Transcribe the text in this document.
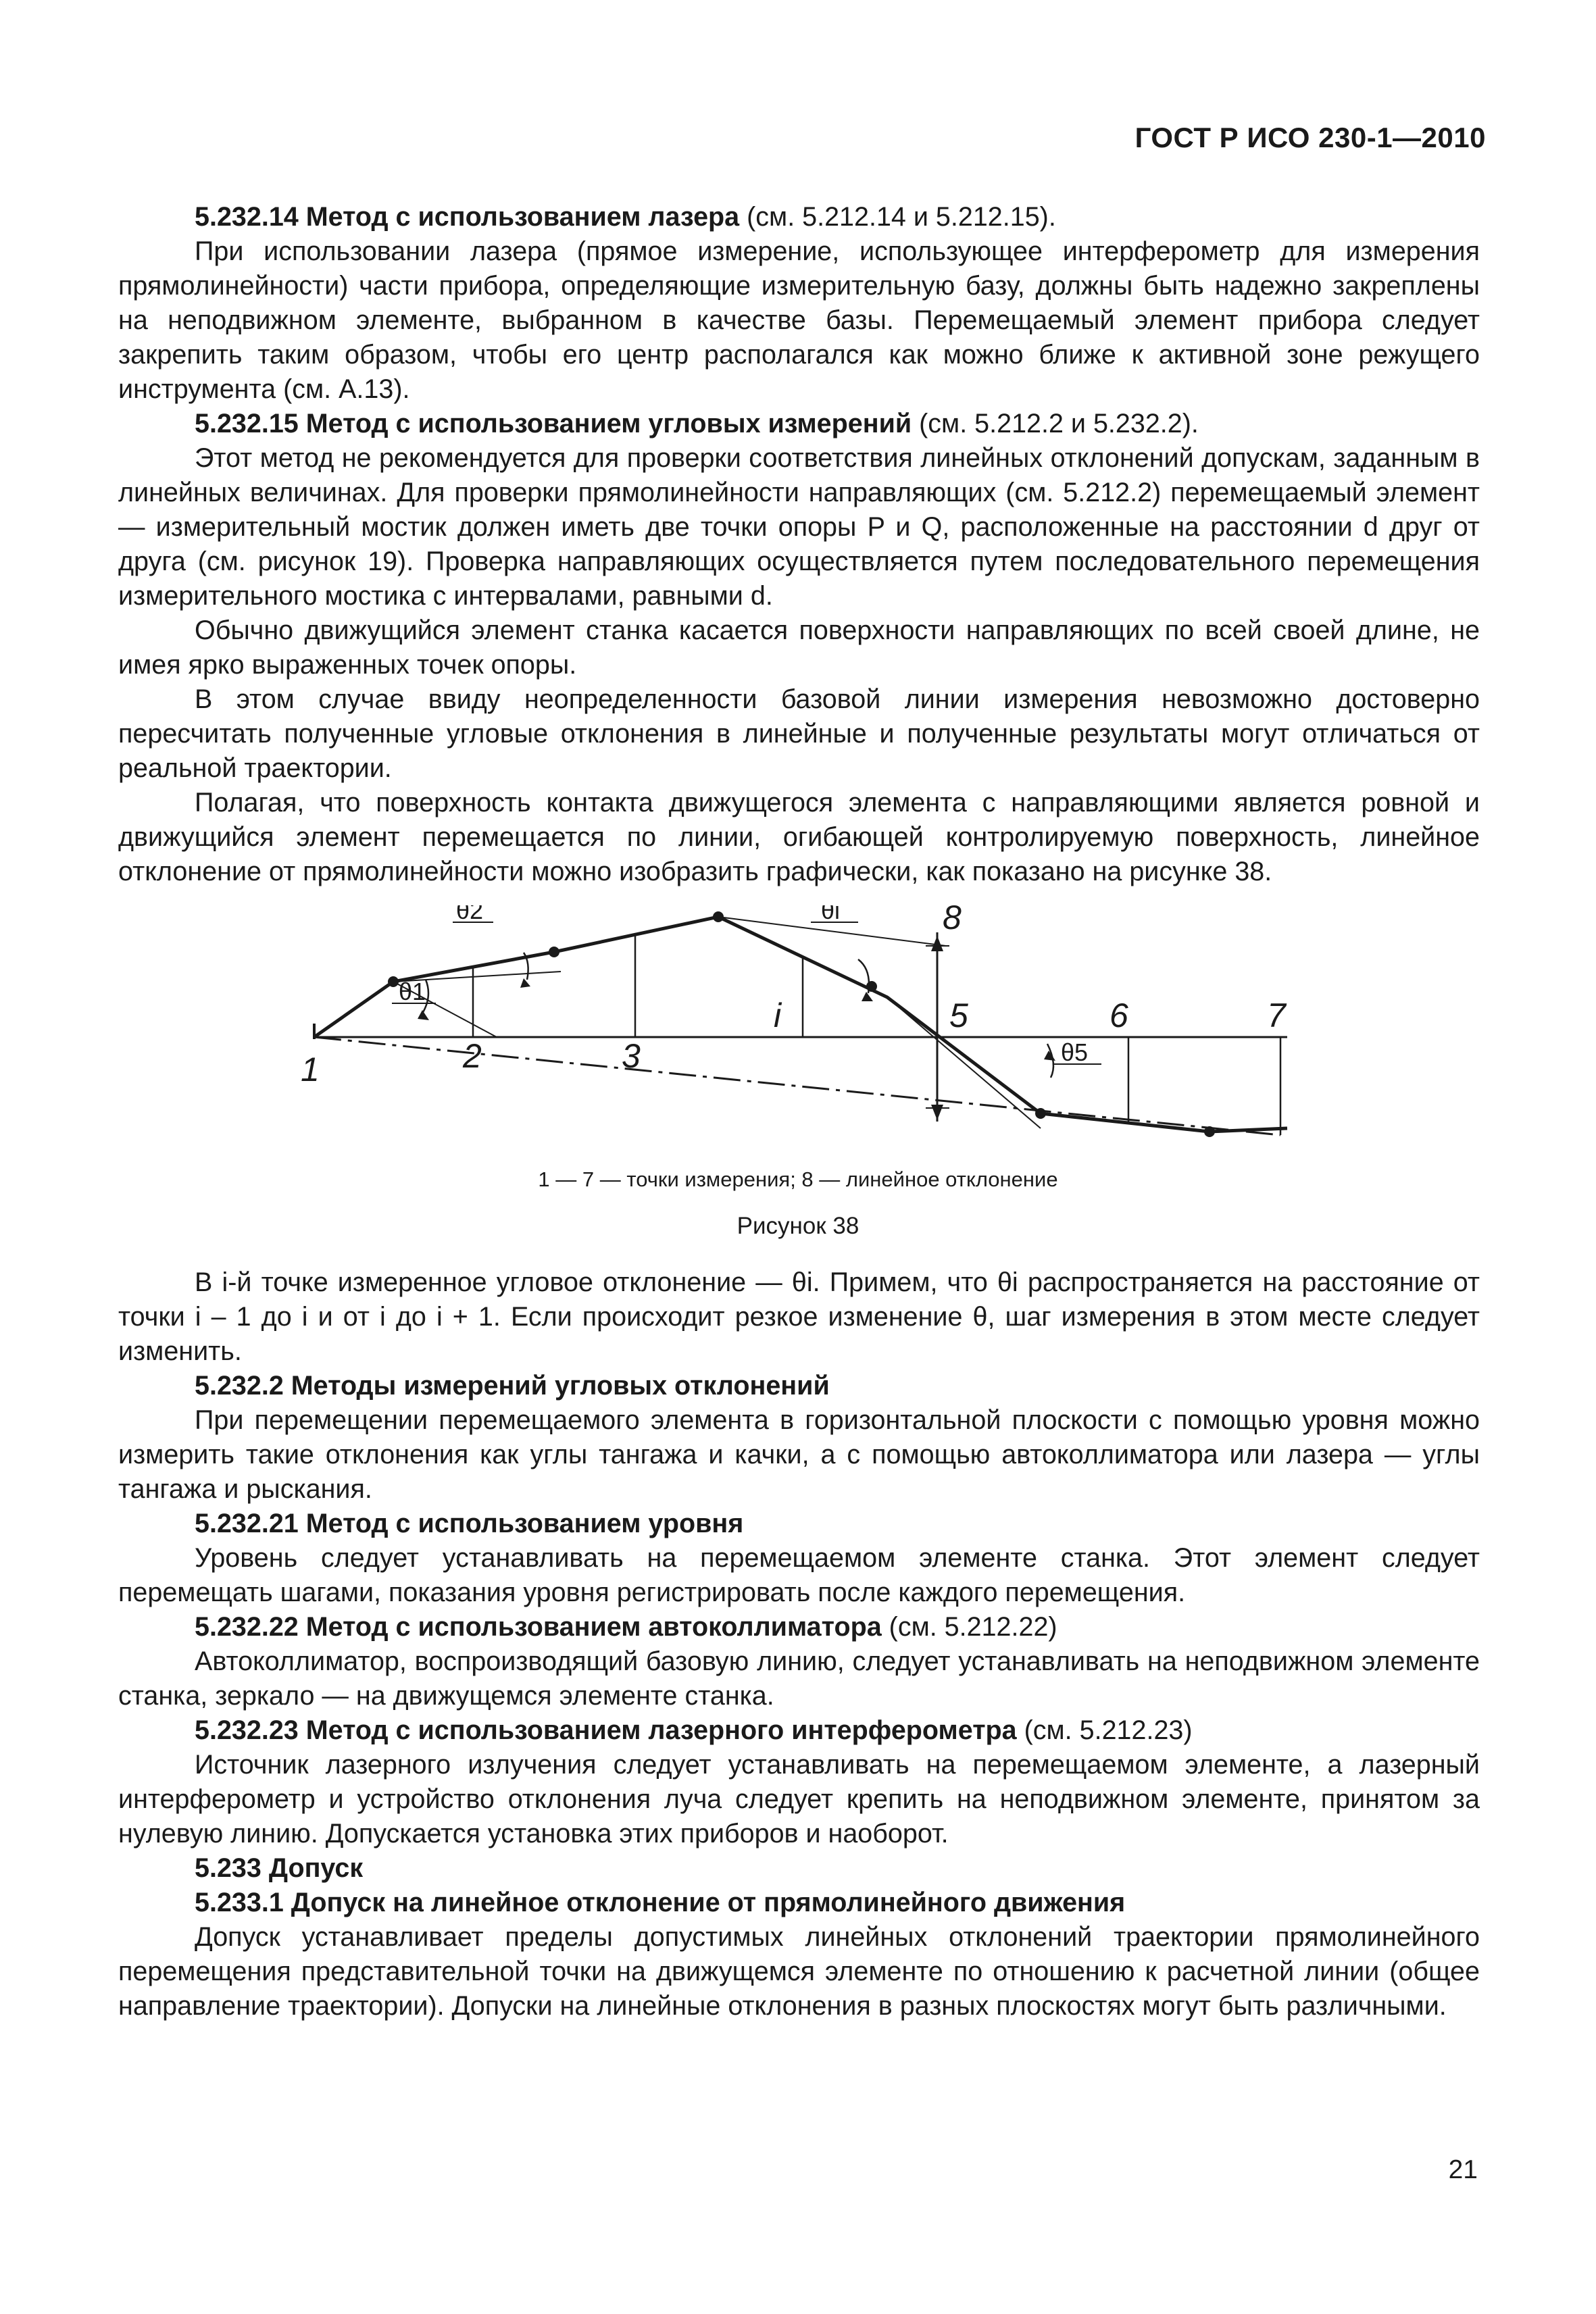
ГОСТ Р ИСО 230-1—2010

5.232.14 Метод с использованием лазера (см. 5.212.14 и 5.212.15).

При использовании лазера (прямое измерение, использующее интерферометр для измерения прямолинейности) части прибора, определяющие измерительную базу, должны быть надежно закреплены на неподвижном элементе, выбранном в качестве базы. Перемещаемый элемент прибора следует закрепить таким образом, чтобы его центр располагался как можно ближе к активной зоне режущего инструмента (см. А.13).

5.232.15 Метод с использованием угловых измерений (см. 5.212.2 и 5.232.2).

Этот метод не рекомендуется для проверки соответствия линейных отклонений допускам, заданным в линейных величинах. Для проверки прямолинейности направляющих (см. 5.212.2) перемещаемый элемент — измерительный мостик должен иметь две точки опоры P и Q, расположенные на расстоянии d друг от друга (см. рисунок 19). Проверка направляющих осуществляется путем последовательного перемещения измерительного мостика с интервалами, равными d.

Обычно движущийся элемент станка касается поверхности направляющих по всей своей длине, не имея ярко выраженных точек опоры.

В этом случае ввиду неопределенности базовой линии измерения невозможно достоверно пересчитать полученные угловые отклонения в линейные и полученные результаты могут отличаться от реальной траектории.

Полагая, что поверхность контакта движущегося элемента с направляющими является ровной и движущийся элемент перемещается по линии, огибающей контролируемую поверхность, линейное отклонение от прямолинейности можно изобразить графически, как показано на рисунке 38.

1	2	3
i	5	6	7
8
θ2	θi
θ1
θ5
1 — 7 — точки измерения; 8 — линейное отклонение
Рисунок 38

В i-й точке измеренное угловое отклонение — θi. Примем, что θi распространяется на расстояние от точки i – 1 до i и от i до i + 1. Если происходит резкое изменение θ, шаг измерения в этом месте следует изменить.

5.232.2 Методы измерений угловых отклонений

При перемещении перемещаемого элемента в горизонтальной плоскости с помощью уровня можно измерить такие отклонения как углы тангажа и качки, а с помощью автоколлиматора или лазера — углы тангажа и рыскания.

5.232.21 Метод с использованием уровня

Уровень следует устанавливать на перемещаемом элементе станка. Этот элемент следует перемещать шагами, показания уровня регистрировать после каждого перемещения.

5.232.22 Метод с использованием автоколлиматора (см. 5.212.22)

Автоколлиматор, воспроизводящий базовую линию, следует устанавливать на неподвижном элементе станка, зеркало — на движущемся элементе станка.

5.232.23 Метод с использованием лазерного интерферометра (см. 5.212.23)

Источник лазерного излучения следует устанавливать на перемещаемом элементе, а лазерный интерферометр и устройство отклонения луча следует крепить на неподвижном элементе, принятом за нулевую линию. Допускается установка этих приборов и наоборот.

5.233 Допуск

5.233.1 Допуск на линейное отклонение от прямолинейного движения

Допуск устанавливает пределы допустимых линейных отклонений траектории прямолинейного перемещения представительной точки на движущемся элементе по отношению к расчетной линии (общее направление траектории). Допуски на линейные отклонения в разных плоскостях могут быть различными.

21
